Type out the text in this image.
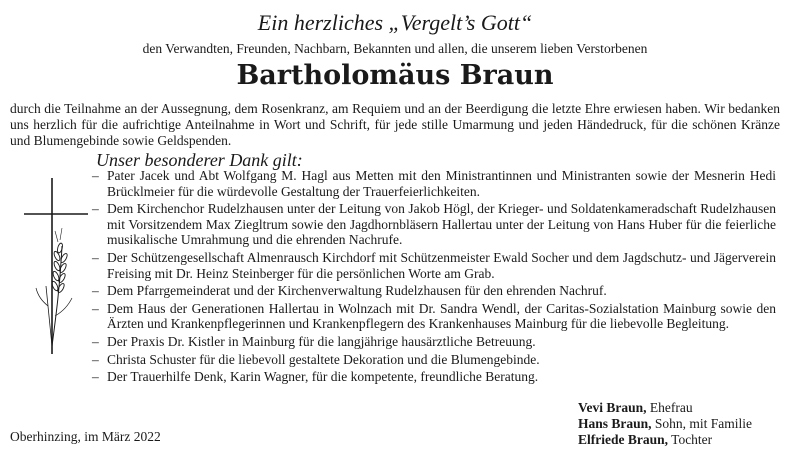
Ein herzliches „Vergelt’s Gott“
den Verwandten, Freunden, Nachbarn, Bekannten und allen, die unserem lieben Verstorbenen
Bartholomäus Braun
durch die Teilnahme an der Aussegnung, dem Rosenkranz, am Requiem und an der Beerdigung die letzte Ehre erwiesen haben. Wir bedanken uns herzlich für die aufrichtige Anteilnahme in Wort und Schrift, für jede stille Umarmung und jeden Händedruck, für die schönen Kränze und Blumengebinde sowie Geldspenden.
Unser besonderer Dank gilt:
– Pater Jacek und Abt Wolfgang M. Hagl aus Metten mit den Ministrantinnen und Ministranten sowie der Mesnerin Hedi Brücklmeier für die würdevolle Gestaltung der Trauerfeierlichkeiten.
– Dem Kirchenchor Rudelzhausen unter der Leitung von Jakob Högl, der Krieger- und Soldatenkameradschaft Rudelzhausen mit Vorsitzendem Max Ziegltrum sowie den Jagdhornbläsern Hallertau unter der Leitung von Hans Huber für die feierliche musikalische Umrahmung und die ehrenden Nachrufe.
– Der Schützengesellschaft Almenrausch Kirchdorf mit Schützenmeister Ewald Socher und dem Jagdschutz- und Jägerverein Freising mit Dr. Heinz Steinberger für die persönlichen Worte am Grab.
– Dem Pfarrgemeinderat und der Kirchenverwaltung Rudelzhausen für den ehrenden Nachruf.
– Dem Haus der Generationen Hallertau in Wolnzach mit Dr. Sandra Wendl, der Caritas-Sozialstation Mainburg sowie den Ärzten und Krankenpflegerinnen und Krankenpflegern des Krankenhauses Mainburg für die liebevolle Begleitung.
– Der Praxis Dr. Kistler in Mainburg für die langjährige hausärztliche Betreuung.
– Christa Schuster für die liebevoll gestaltete Dekoration und die Blumengebinde.
– Der Trauerhilfe Denk, Karin Wagner, für die kompetente, freundliche Beratung.
Oberhinzing, im März 2022
Vevi Braun, Ehefrau
Hans Braun, Sohn, mit Familie
Elfriede Braun, Tochter
